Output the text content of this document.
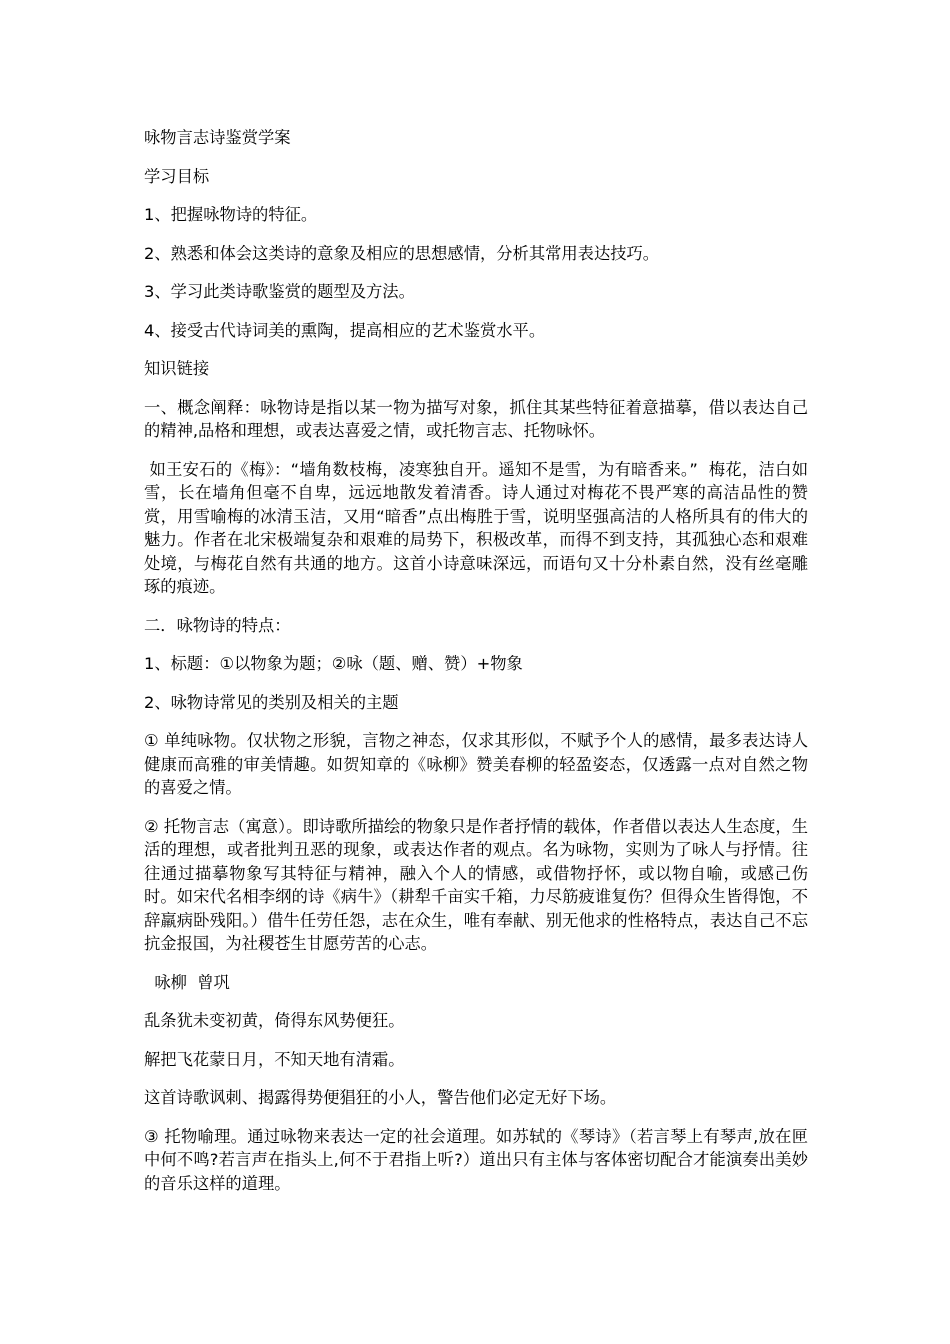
咏物言志诗鉴赏学案

学习目标

1、把握咏物诗的特征。

2、熟悉和体会这类诗的意象及相应的思想感情，分析其常用表达技巧。

3、学习此类诗歌鉴赏的题型及方法。

4、接受古代诗词美的熏陶，提高相应的艺术鉴赏水平。

知识链接

一、概念阐释：咏物诗是指以某一物为描写对象，抓住其某些特征着意描摹，借以表达自己的精神,品格和理想，或表达喜爱之情，或托物言志、托物咏怀。

如王安石的《梅》：“墙角数枝梅，凌寒独自开。遥知不是雪，为有暗香来。”  梅花，洁白如雪，长在墙角但毫不自卑，远远地散发着清香。诗人通过对梅花不畏严寒的高洁品性的赞赏，用雪喻梅的冰清玉洁，又用“暗香”点出梅胜于雪，说明坚强高洁的人格所具有的伟大的魅力。作者在北宋极端复杂和艰难的局势下，积极改革，而得不到支持，其孤独心态和艰难处境，与梅花自然有共通的地方。这首小诗意味深远，而语句又十分朴素自然，没有丝毫雕琢的痕迹。

二．咏物诗的特点：

1、标题：①以物象为题；②咏（题、赠、赞）+物象

2、咏物诗常见的类别及相关的主题

① 单纯咏物。仅状物之形貌，言物之神态，仅求其形似，不赋予个人的感情，最多表达诗人健康而高雅的审美情趣。如贺知章的《咏柳》赞美春柳的轻盈姿态，仅透露一点对自然之物的喜爱之情。

② 托物言志（寓意）。即诗歌所描绘的物象只是作者抒情的载体，作者借以表达人生态度，生活的理想，或者批判丑恶的现象，或表达作者的观点。名为咏物，实则为了咏人与抒情。往往通过描摹物象写其特征与精神，融入个人的情感，或借物抒怀，或以物自喻，或感己伤时。如宋代名相李纲的诗《病牛》（耕犁千亩实千箱，力尽筋疲谁复伤？但得众生皆得饱，不辞羸病卧残阳。）借牛任劳任怨，志在众生，唯有奉献、别无他求的性格特点，表达自己不忘抗金报国，为社稷苍生甘愿劳苦的心志。

咏柳  曾巩

乱条犹未变初黄，倚得东风势便狂。

解把飞花蒙日月，不知天地有清霜。

这首诗歌讽刺、揭露得势便猖狂的小人，警告他们必定无好下场。

③ 托物喻理。通过咏物来表达一定的社会道理。如苏轼的《琴诗》（若言琴上有琴声,放在匣中何不鸣?若言声在指头上,何不于君指上听?）道出只有主体与客体密切配合才能演奏出美妙的音乐这样的道理。
